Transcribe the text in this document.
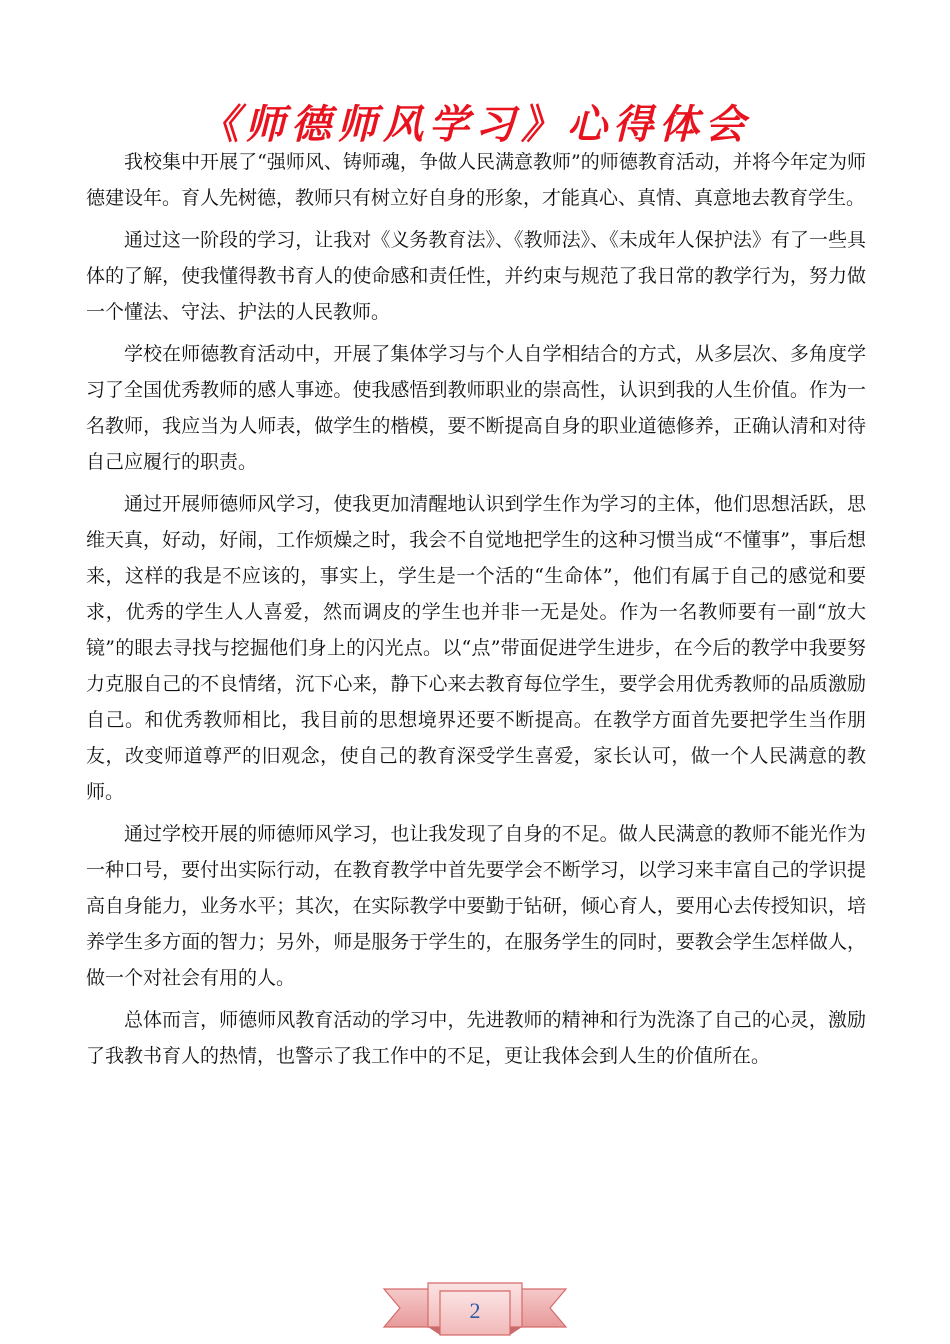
《师德师风学习》心得体会

我校集中开展了“强师风、铸师魂，争做人民满意教师”的师德教育活动，并将今年定为师德建设年。育人先树德，教师只有树立好自身的形象，才能真心、真情、真意地去教育学生。

通过这一阶段的学习，让我对《义务教育法》、《教师法》、《未成年人保护法》有了一些具体的了解，使我懂得教书育人的使命感和责任性，并约束与规范了我日常的教学行为，努力做一个懂法、守法、护法的人民教师。

学校在师德教育活动中，开展了集体学习与个人自学相结合的方式，从多层次、多角度学习了全国优秀教师的感人事迹。使我感悟到教师职业的崇高性，认识到我的人生价值。作为一名教师，我应当为人师表，做学生的楷模，要不断提高自身的职业道德修养，正确认清和对待自己应履行的职责。

通过开展师德师风学习，使我更加清醒地认识到学生作为学习的主体，他们思想活跃，思维天真，好动，好闹，工作烦燥之时，我会不自觉地把学生的这种习惯当成“不懂事”，事后想来，这样的我是不应该的，事实上，学生是一个活的“生命体”，他们有属于自己的感觉和要求，优秀的学生人人喜爱，然而调皮的学生也并非一无是处。作为一名教师要有一副“放大镜”的眼去寻找与挖掘他们身上的闪光点。以“点”带面促进学生进步，在今后的教学中我要努力克服自己的不良情绪，沉下心来，静下心来去教育每位学生，要学会用优秀教师的品质激励自己。和优秀教师相比，我目前的思想境界还要不断提高。在教学方面首先要把学生当作朋友，改变师道尊严的旧观念，使自己的教育深受学生喜爱，家长认可，做一个人民满意的教师。

通过学校开展的师德师风学习，也让我发现了自身的不足。做人民满意的教师不能光作为一种口号，要付出实际行动，在教育教学中首先要学会不断学习，以学习来丰富自己的学识提高自身能力，业务水平；其次，在实际教学中要勤于钻研，倾心育人，要用心去传授知识，培养学生多方面的智力；另外，师是服务于学生的，在服务学生的同时，要教会学生怎样做人，做一个对社会有用的人。

总体而言，师德师风教育活动的学习中，先进教师的精神和行为洗涤了自己的心灵，激励了我教书育人的热情，也警示了我工作中的不足，更让我体会到人生的价值所在。

2
